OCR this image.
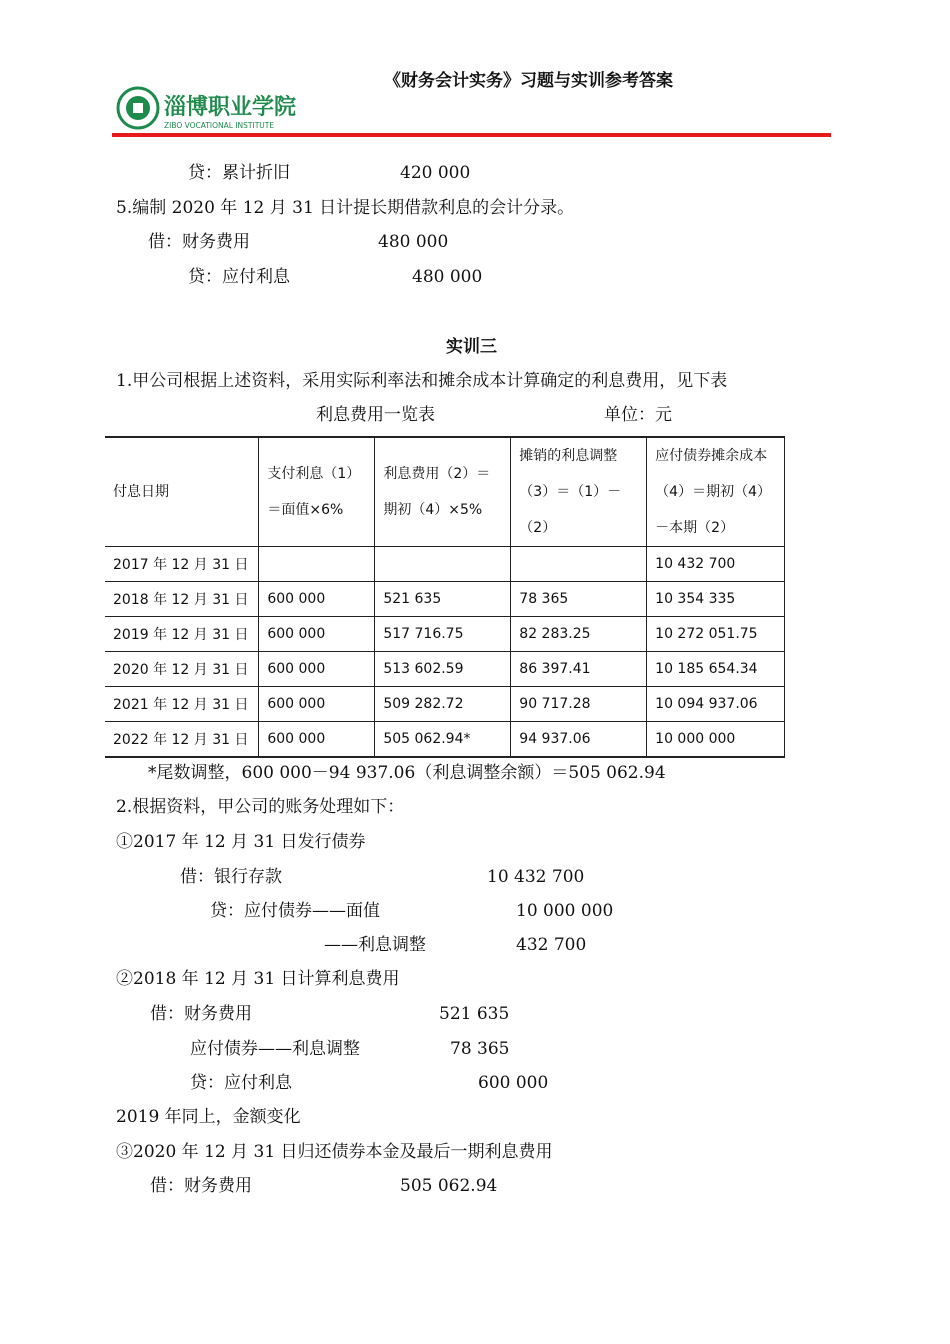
《财务会计实务》习题与实训参考答案
淄博职业学院
ZIBO VOCATIONAL INSTITUTE
贷：累计折旧	420 000
5.编制 2020 年 12 月 31 日计提长期借款利息的会计分录。
借：财务费用	480 000
贷：应付利息	480 000
实训三
1.甲公司根据上述资料，采用实际利率法和摊余成本计算确定的利息费用，见下表
利息费用一览表	单位：元
付息日期	支付利息（1）＝面值×6%	利息费用（2）＝期初（4）×5%	摊销的利息调整（3）＝（1）－（2）	应付债券摊余成本（4）＝期初（4）－本期（2）
2017 年 12 月 31 日				10 432 700
2018 年 12 月 31 日	600 000	521 635	78 365	10 354 335
2019 年 12 月 31 日	600 000	517 716.75	82 283.25	10 272 051.75
2020 年 12 月 31 日	600 000	513 602.59	86 397.41	10 185 654.34
2021 年 12 月 31 日	600 000	509 282.72	90 717.28	10 094 937.06
2022 年 12 月 31 日	600 000	505 062.94*	94 937.06	10 000 000
*尾数调整，600 000－94 937.06（利息调整余额）＝505 062.94
2.根据资料，甲公司的账务处理如下：
①2017 年 12 月 31 日发行债券
借：银行存款	10 432 700
贷：应付债券——面值	10 000 000
——利息调整	432 700
②2018 年 12 月 31 日计算利息费用
借：财务费用	521 635
应付债券——利息调整	78 365
贷：应付利息	600 000
2019 年同上，金额变化
③2020 年 12 月 31 日归还债券本金及最后一期利息费用
借：财务费用	505 062.94
